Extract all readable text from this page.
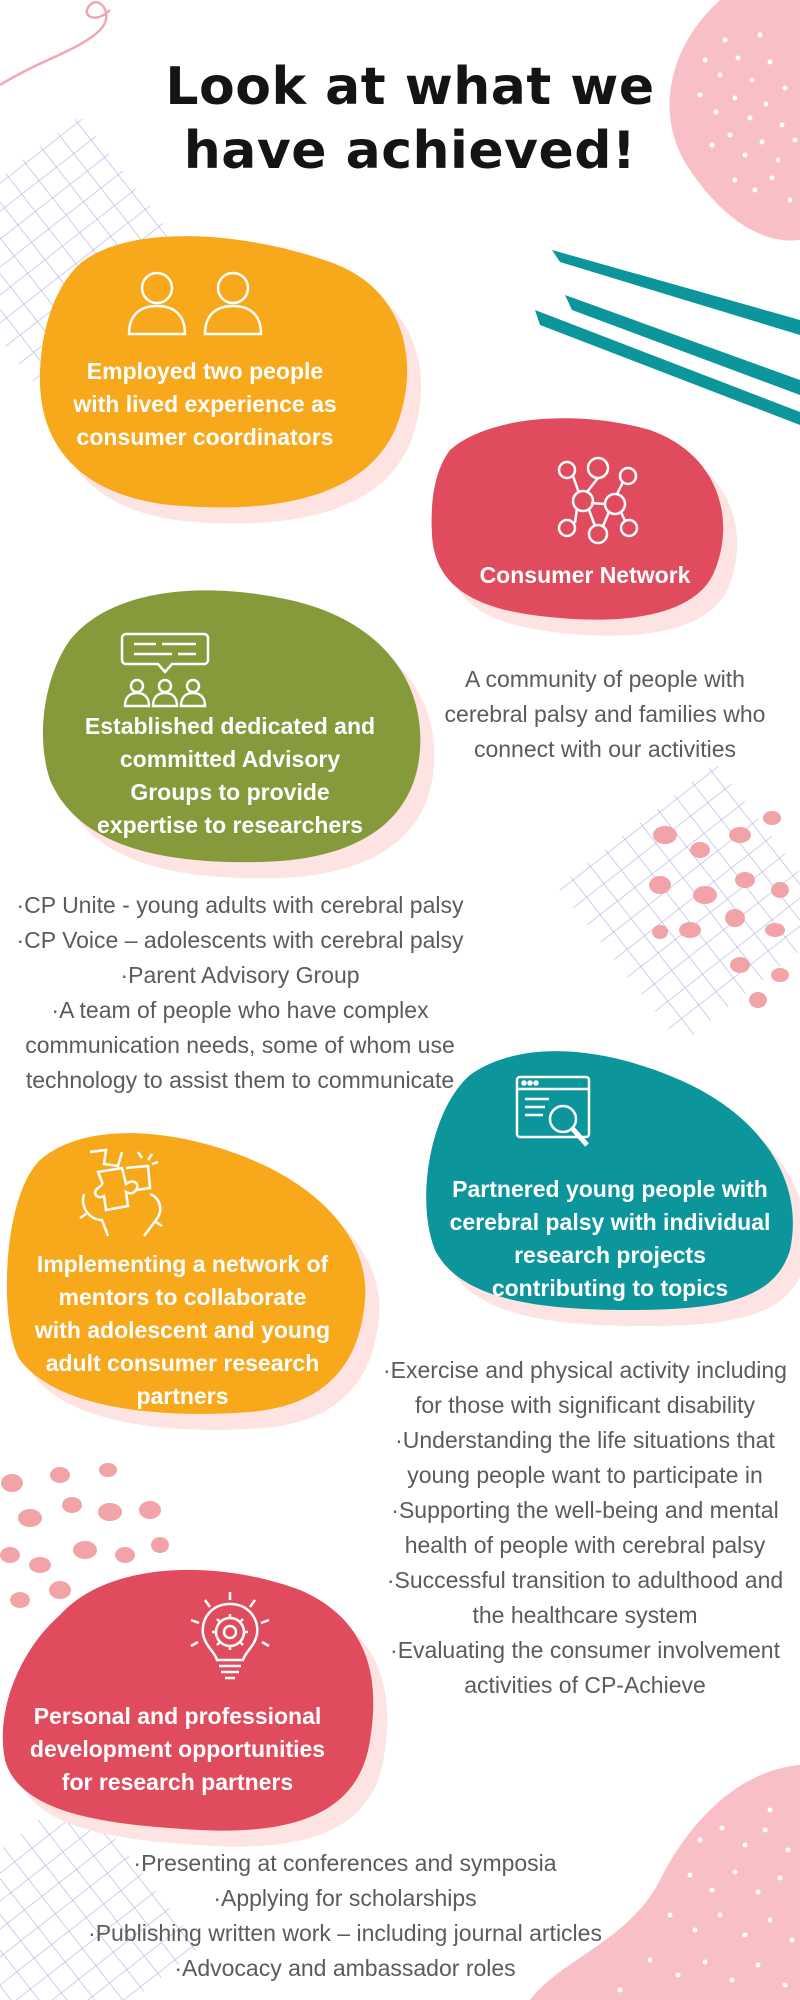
Look at what we
have achieved!
Employed two people
with lived experience as
consumer coordinators
Consumer Network
Established dedicated and
committed Advisory
Groups to provide
expertise to researchers
Partnered young people with
cerebral palsy with individual
research projects
contributing to topics
Implementing a network of
mentors to collaborate
with adolescent and young
adult consumer research
partners
Personal and professional
development opportunities
for research partners
A community of people with
cerebral palsy and families who
connect with our activities
·CP Unite - young adults with cerebral palsy
·CP Voice – adolescents with cerebral palsy
·Parent Advisory Group
·A team of people who have complex
communication needs, some of whom use
technology to assist them to communicate
·Exercise and physical activity including
for those with significant disability
·Understanding the life situations that
young people want to participate in
·Supporting the well-being and mental
health of people with cerebral palsy
·Successful transition to adulthood and
the healthcare system
·Evaluating the consumer involvement
activities of CP-Achieve
·Presenting at conferences and symposia
·Applying for scholarships
·Publishing written work – including journal articles
·Advocacy and ambassador roles
